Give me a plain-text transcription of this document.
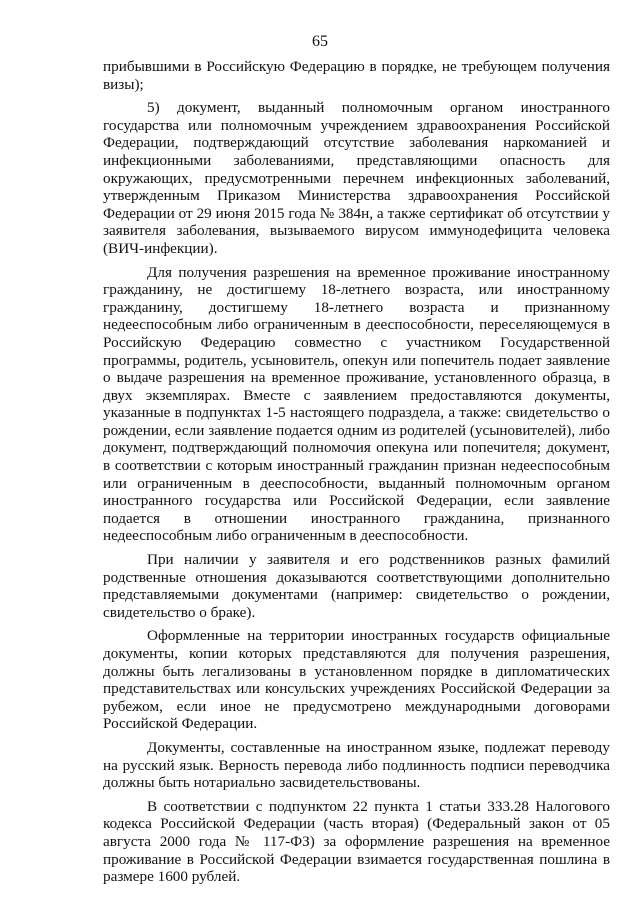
65

прибывшими в Российскую Федерацию в порядке, не требующем получения визы);

5) документ, выданный полномочным органом иностранного государства или полномочным учреждением здравоохранения Российской Федерации, подтверждающий отсутствие заболевания наркоманией и инфекционными заболеваниями, представляющими опасность для окружающих, предусмотренными перечнем инфекционных заболеваний, утвержденным Приказом Министерства здравоохранения Российской Федерации от 29 июня 2015 года № 384н, а также сертификат об отсутствии у заявителя заболевания, вызываемого вирусом иммунодефицита человека (ВИЧ-инфекции).

Для получения разрешения на временное проживание иностранному гражданину, не достигшему 18-летнего возраста, или иностранному гражданину, достигшему 18-летнего возраста и признанному недееспособным либо ограниченным в дееспособности, переселяющемуся в Российскую Федерацию совместно с участником Государственной программы, родитель, усыновитель, опекун или попечитель подает заявление о выдаче разрешения на временное проживание, установленного образца, в двух экземплярах. Вместе с заявлением предоставляются документы, указанные в подпунктах 1-5 настоящего подраздела, а также: свидетельство о рождении, если заявление подается одним из родителей (усыновителей), либо документ, подтверждающий полномочия опекуна или попечителя; документ, в соответствии с которым иностранный гражданин признан недееспособным или ограниченным в дееспособности, выданный полномочным органом иностранного государства или Российской Федерации, если заявление подается в отношении иностранного гражданина, признанного недееспособным либо ограниченным в дееспособности.

При наличии у заявителя и его родственников разных фамилий родственные отношения доказываются соответствующими дополнительно представляемыми документами (например: свидетельство о рождении, свидетельство о браке).

Оформленные на территории иностранных государств официальные документы, копии которых представляются для получения разрешения, должны быть легализованы в установленном порядке в дипломатических представительствах или консульских учреждениях Российской Федерации за рубежом, если иное не предусмотрено международными договорами Российской Федерации.

Документы, составленные на иностранном языке, подлежат переводу на русский язык. Верность перевода либо подлинность подписи переводчика должны быть нотариально засвидетельствованы.

В соответствии с подпунктом 22 пункта 1 статьи 333.28 Налогового кодекса Российской Федерации (часть вторая) (Федеральный закон от 05 августа 2000 года № 117-ФЗ) за оформление разрешения на временное проживание в Российской Федерации взимается государственная пошлина в размере 1600 рублей.
